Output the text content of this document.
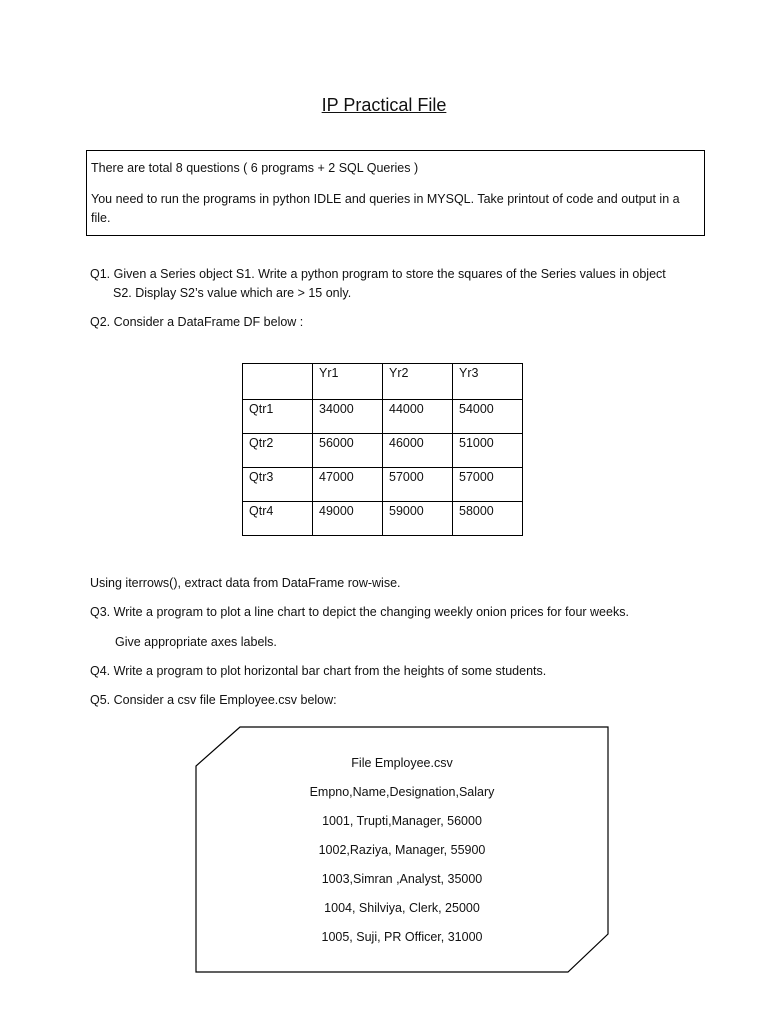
IP Practical File
There are total 8 questions ( 6 programs + 2 SQL Queries )
You need to run the programs in python IDLE and queries in MYSQL. Take printout of code and output in a file.
Q1. Given a Series object S1. Write a python program to store the squares of the Series values in object
S2. Display S2’s value which are > 15 only.
Q2. Consider a DataFrame DF below :
	Yr1	Yr2	Yr3
Qtr1	34000	44000	54000
Qtr2	56000	46000	51000
Qtr3	47000	57000	57000
Qtr4	49000	59000	58000
Using iterrows(), extract data from DataFrame row-wise.
Q3. Write a program to plot a line chart to depict the changing weekly onion prices for four weeks.
Give appropriate axes labels.
Q4. Write a program to plot horizontal bar chart from the heights of some students.
Q5. Consider a csv file Employee.csv below:
File Employee.csv
Empno,Name,Designation,Salary
1001, Trupti,Manager, 56000
1002,Raziya, Manager, 55900
1003,Simran ,Analyst, 35000
1004, Shilviya, Clerk, 25000
1005, Suji, PR Officer, 31000
